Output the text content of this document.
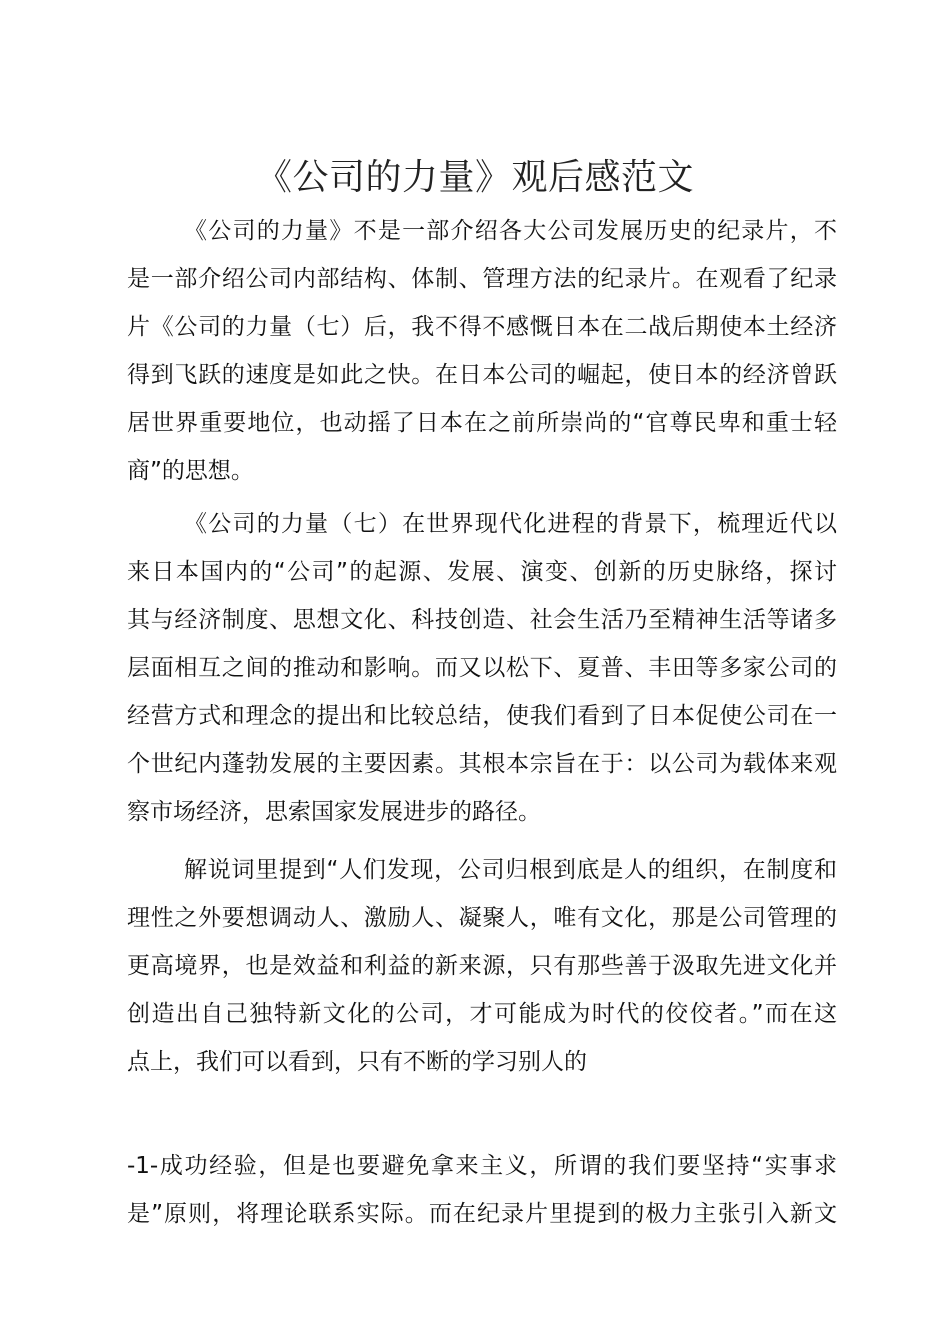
《公司的力量》观后感范文
《公司的力量》不是一部介绍各大公司发展历史的纪录片，不
是一部介绍公司内部结构、体制、管理方法的纪录片。在观看了纪录
片《公司的力量（七）后，我不得不感慨日本在二战后期使本土经济
得到飞跃的速度是如此之快。在日本公司的崛起，使日本的经济曾跃
居世界重要地位，也动摇了日本在之前所崇尚的“官尊民卑和重士轻
商”的思想。
《公司的力量（七）在世界现代化进程的背景下，梳理近代以
来日本国内的“公司”的起源、发展、演变、创新的历史脉络，探讨
其与经济制度、思想文化、科技创造、社会生活乃至精神生活等诸多
层面相互之间的推动和影响。而又以松下、夏普、丰田等多家公司的
经营方式和理念的提出和比较总结，使我们看到了日本促使公司在一
个世纪内蓬勃发展的主要因素。其根本宗旨在于：以公司为载体来观
察市场经济，思索国家发展进步的路径。
解说词里提到“人们发现，公司归根到底是人的组织，在制度和
理性之外要想调动人、激励人、凝聚人，唯有文化，那是公司管理的
更高境界，也是效益和利益的新来源，只有那些善于汲取先进文化并
创造出自己独特新文化的公司，才可能成为时代的佼佼者。”而在这
点上，我们可以看到，只有不断的学习别人的
-1-成功经验，但是也要避免拿来主义，所谓的我们要坚持“实事求
是”原则，将理论联系实际。而在纪录片里提到的极力主张引入新文
